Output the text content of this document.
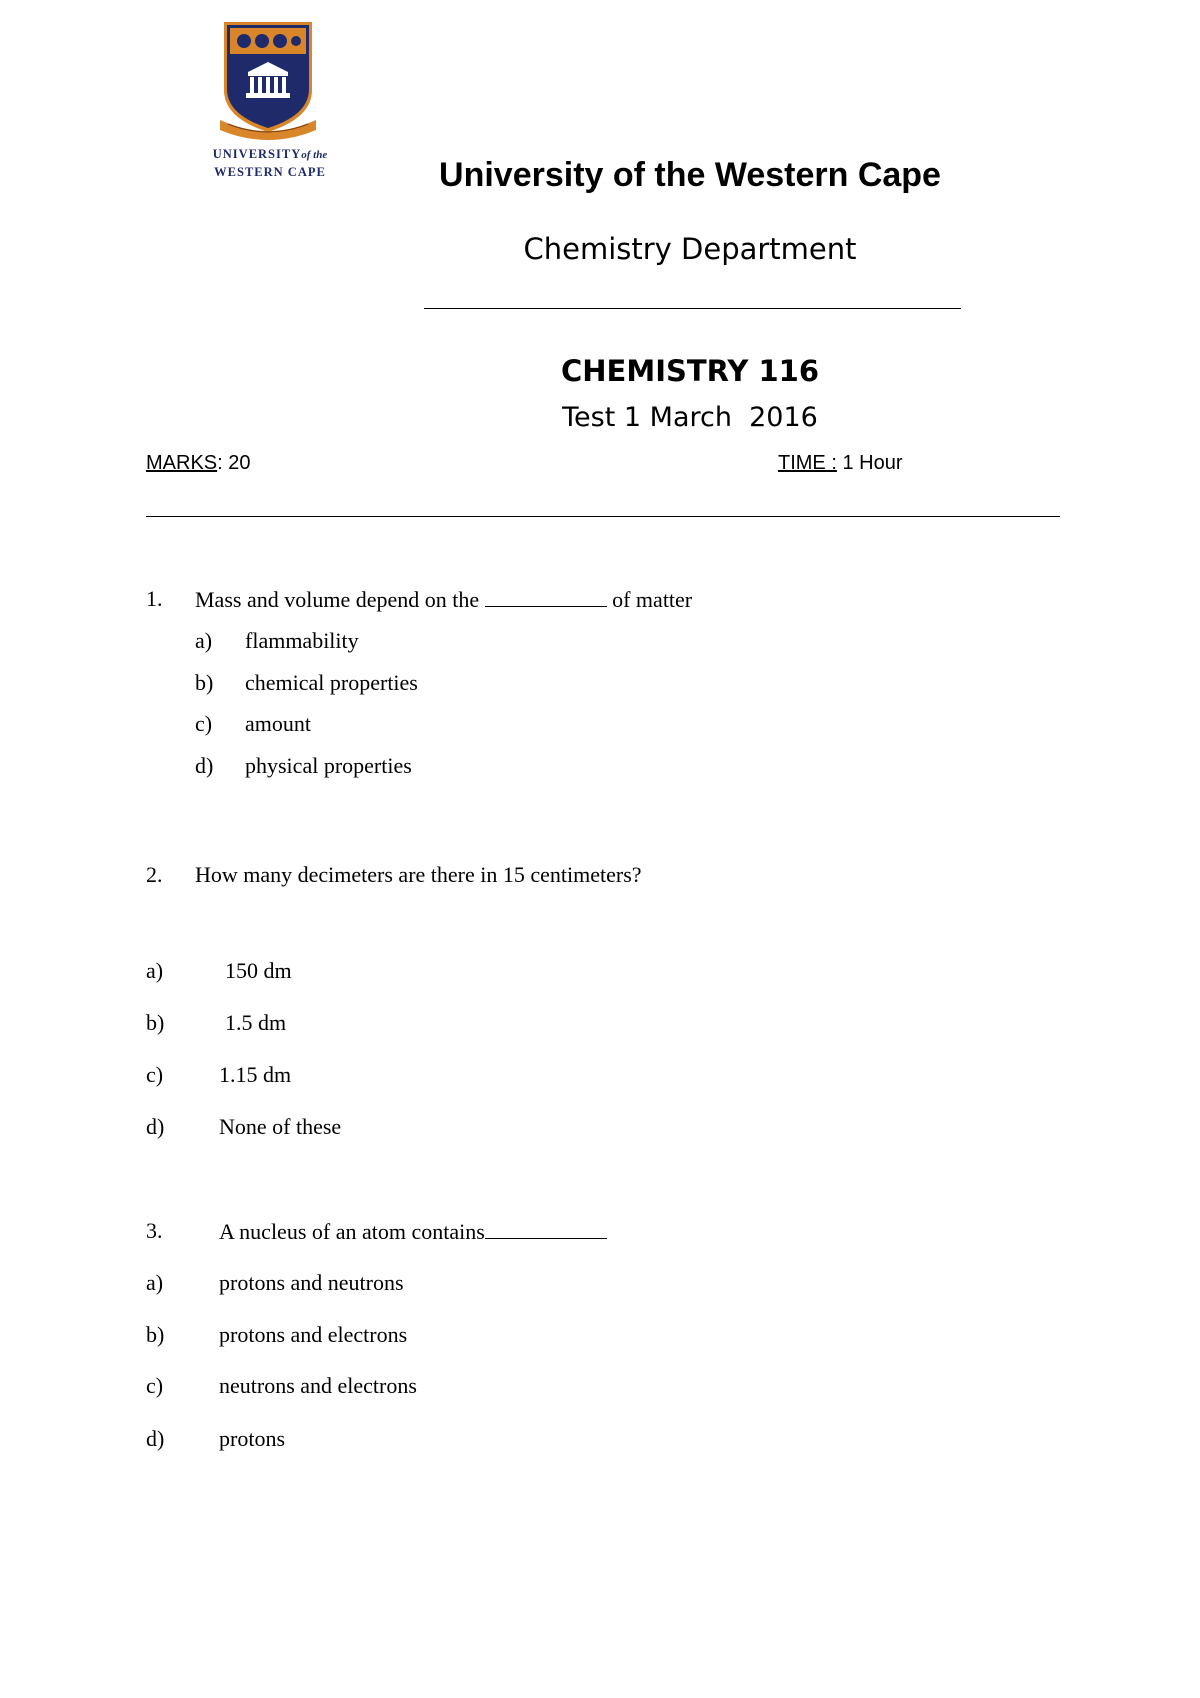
UNIVERSITYof the
WESTERN CAPE	University of the Western Cape
Chemistry Department
CHEMISTRY 116
Test 1 March  2016
MARKS: 20	TIME : 1 Hour
1. Mass and volume depend on the	of matter
a) flammability
b) chemical properties
c) amount
d) physical properties
2. How many decimeters are there in 15 centimeters?
a)	150 dm
b)	1.5 dm
c)	1.15 dm
d) None of these
3.	A nucleus of an atom contains
a)	protons and neutrons
b) protons and electrons
c)	neutrons and electrons
d) protons
